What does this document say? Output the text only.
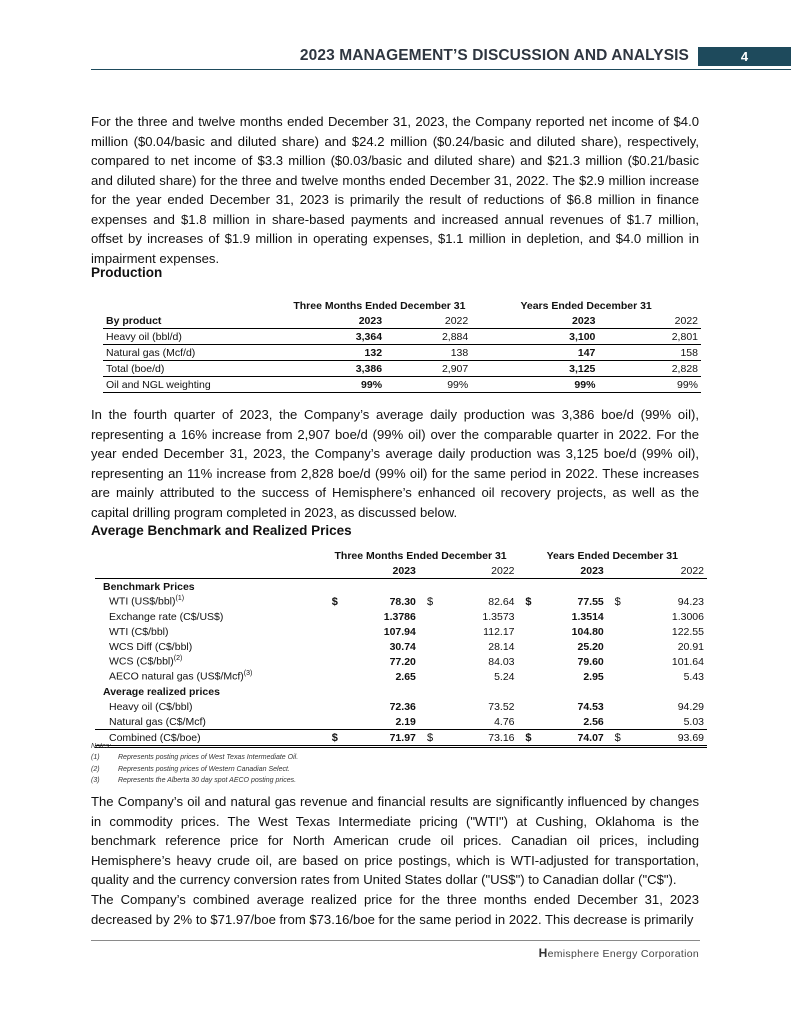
2023 MANAGEMENT’S DISCUSSION AND ANALYSIS	4

For the three and twelve months ended December 31, 2023, the Company reported net income of $4.0 million ($0.04/basic and diluted share) and $24.2 million ($0.24/basic and diluted share), respectively, compared to net income of $3.3 million ($0.03/basic and diluted share) and $21.3 million ($0.21/basic and diluted share) for the three and twelve months ended December 31, 2022. The $2.9 million increase for the year ended December 31, 2023 is primarily the result of reductions of $6.8 million in finance expenses and $1.8 million in share-based payments and increased annual revenues of $1.7 million, offset by increases of $1.9 million in operating expenses, $1.1 million in depletion, and $4.0 million in impairment expenses.

Production
	Three Months Ended December 31		Years Ended December 31	
By product	2023	2022	2023	2022
Heavy oil (bbl/d)	3,364	2,884	3,100	2,801
Natural gas (Mcf/d)	132	138	147	158
Total (boe/d)	3,386	2,907	3,125	2,828
Oil and NGL weighting	99%	99%	99%	99%

In the fourth quarter of 2023, the Company’s average daily production was 3,386 boe/d (99% oil), representing a 16% increase from 2,907 boe/d (99% oil) over the comparable quarter in 2022. For the year ended December 31, 2023, the Company’s average daily production was 3,125 boe/d (99% oil), representing an 11% increase from 2,828 boe/d (99% oil) for the same period in 2022. These increases are mainly attributed to the success of Hemisphere’s enhanced oil recovery projects, as well as the capital drilling program completed in 2023, as discussed below.

Average Benchmark and Realized Prices
	Three Months Ended December 31				Years Ended December 31			
	2023		2022		2023		2022	
Benchmark Prices								
WTI (US$/bbl)$^{(1)}$	$	78.30	$	82.64	$	77.55	$	94.23
Exchange rate (C$/US$)		1.3786		1.3573		1.3514		1.3006
WTI (C$/bbl)		107.94		112.17		104.80		122.55
WCS Diff (C$/bbl)		30.74		28.14		25.20		20.91
WCS (C$/bbl)$^{(2)}$		77.20		84.03		79.60		101.64
AECO natural gas (US$/Mcf)$^{(3)}$		2.65		5.24		2.95		5.43
Average realized prices								
Heavy oil (C$/bbl)		72.36		73.52		74.53		94.29
Natural gas (C$/Mcf)		2.19		4.76		2.56		5.03
Combined (C$/boe)	$	71.97	$	73.16	$	74.07	$	93.69
Notes:
(1)	Represents posting prices of West Texas Intermediate Oil.
(2)	Represents posting prices of Western Canadian Select.
(3)	Represents the Alberta 30 day spot AECO posting prices.

The Company’s oil and natural gas revenue and financial results are significantly influenced by changes in commodity prices. The West Texas Intermediate pricing ("WTI") at Cushing, Oklahoma is the benchmark reference price for North American crude oil prices. Canadian oil prices, including Hemisphere’s heavy crude oil, are based on price postings, which is WTI-adjusted for transportation, quality and the currency conversion rates from United States dollar ("US$") to Canadian dollar ("C$").

The Company’s combined average realized price for the three months ended December 31, 2023 decreased by 2% to $71.97/boe from $73.16/boe for the same period in 2022. This decrease is primarily

Hemisphere Energy Corporation
